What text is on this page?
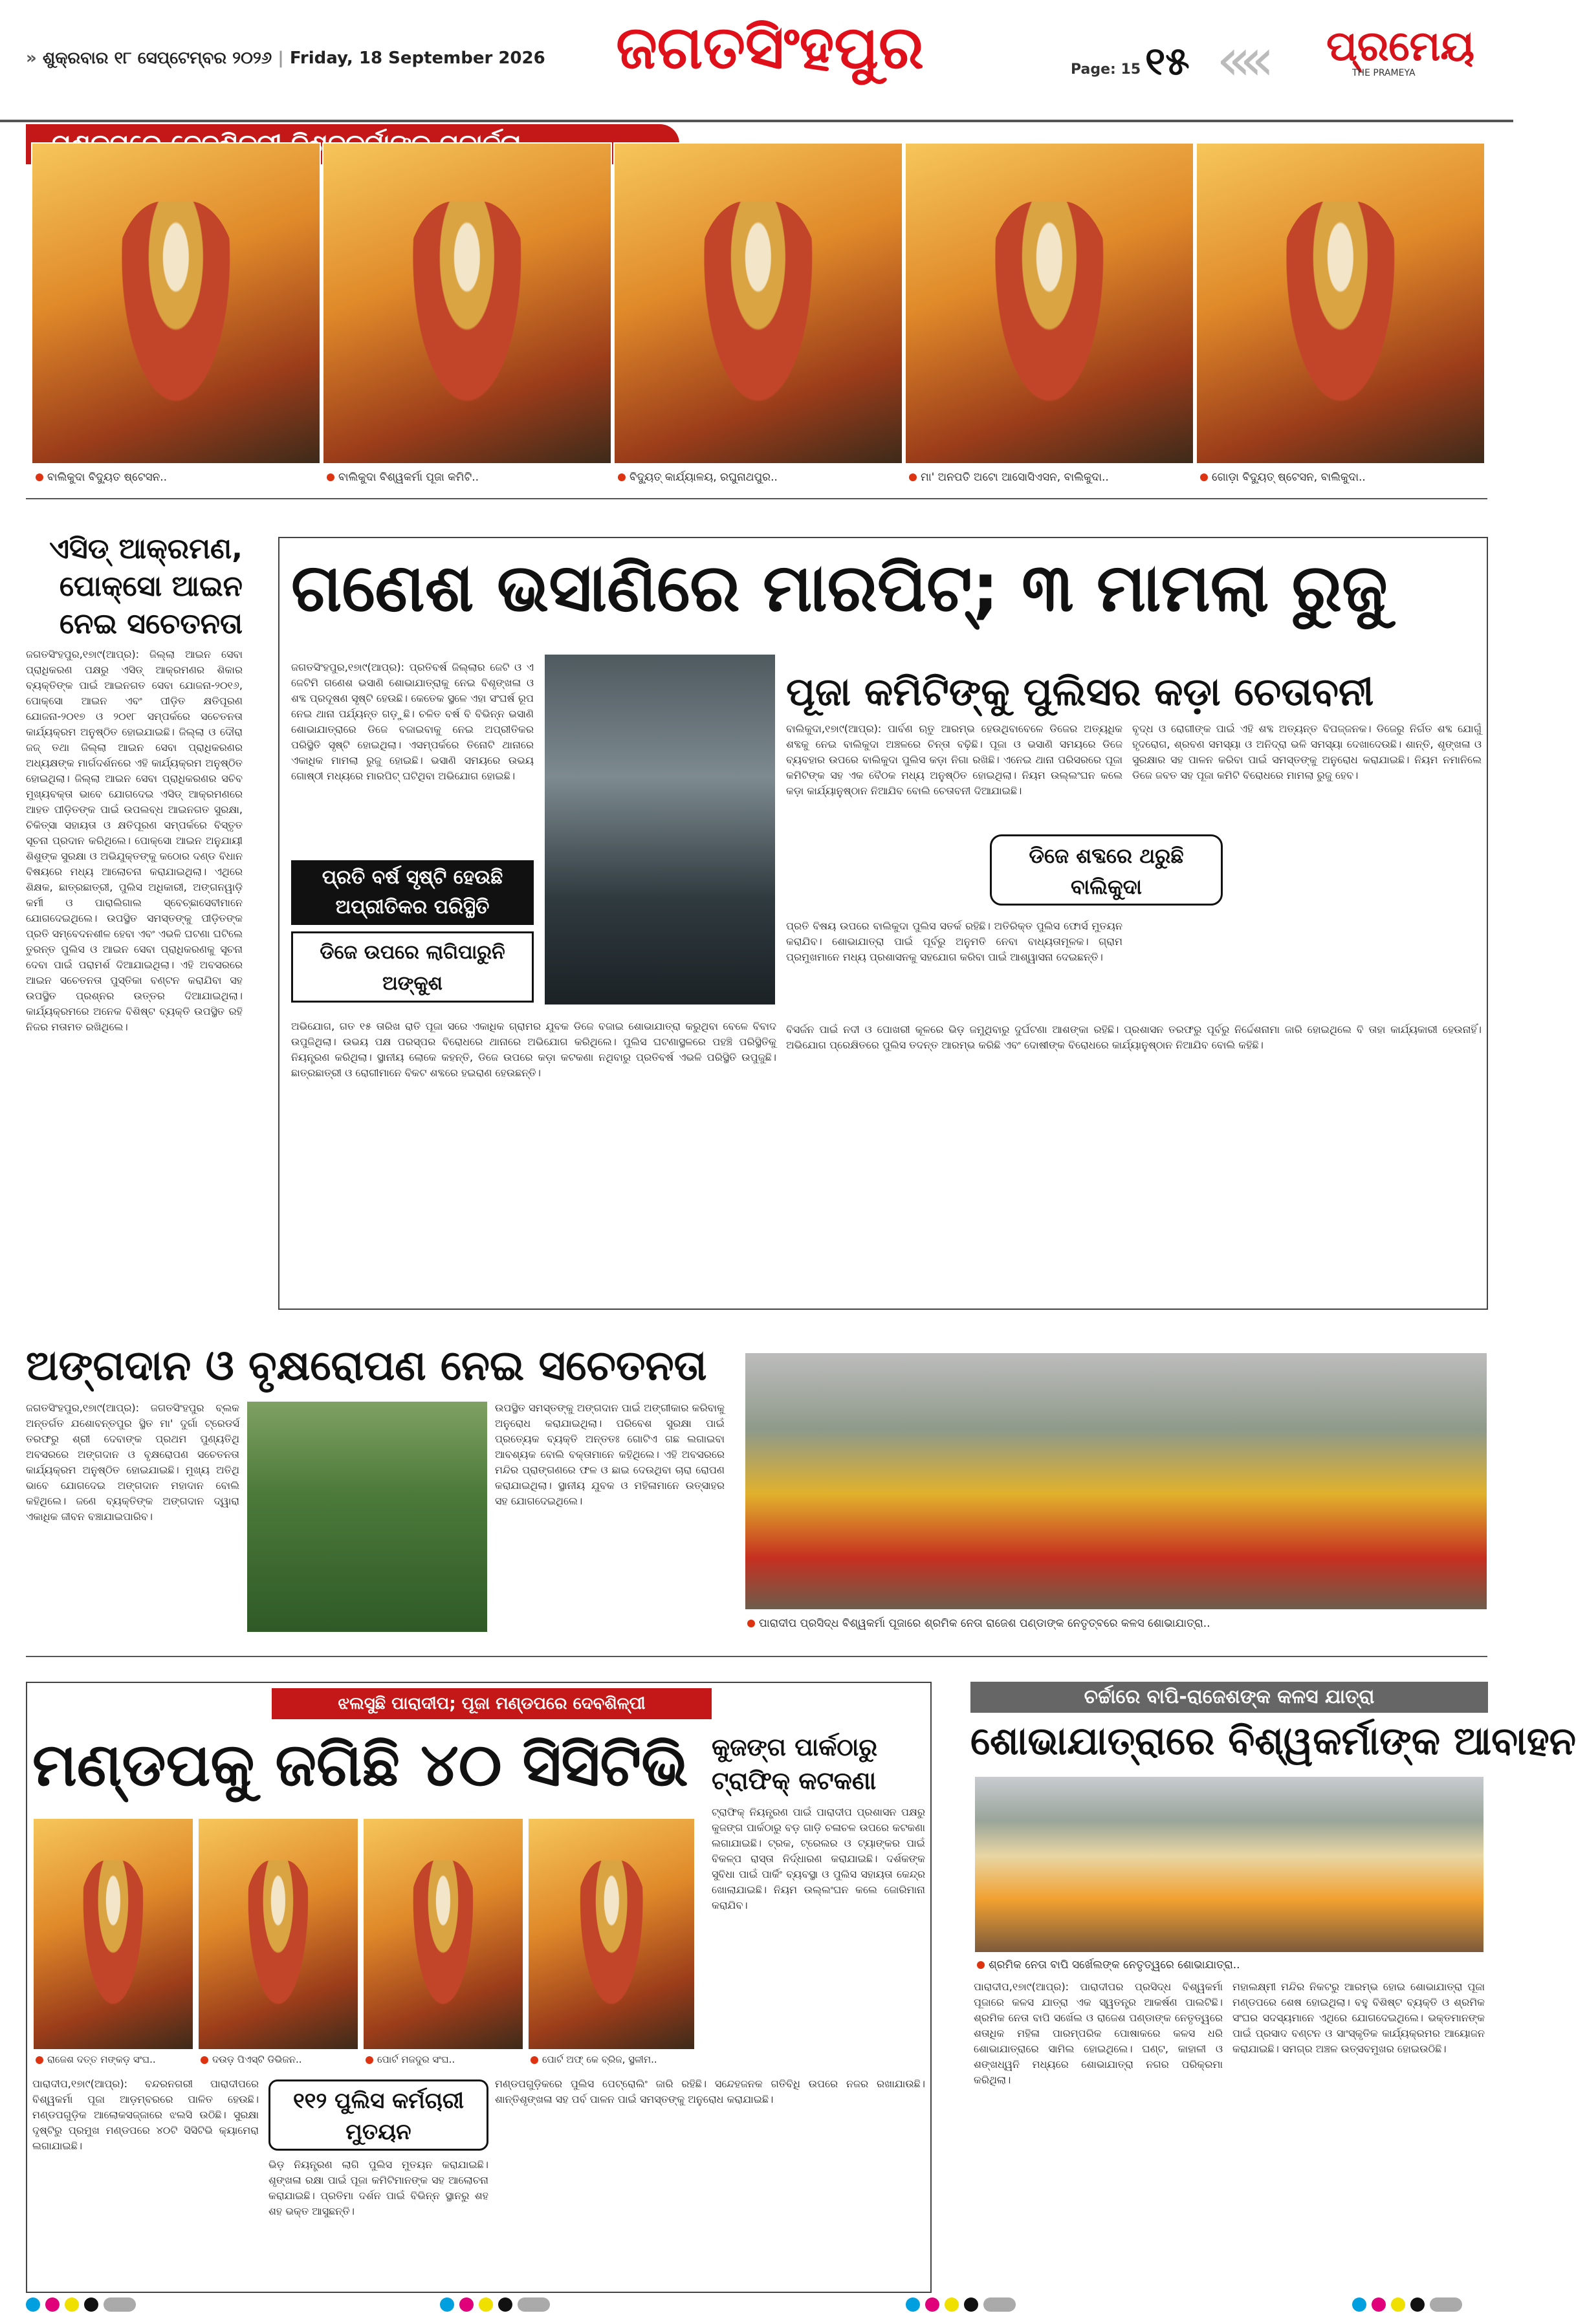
» ଶୁକ୍ରବାର ୧୮ ସେପ୍ଟେମ୍ବର ୨୦୨୬ | Friday, 18 September 2026	ଜଗତସିଂହପୁର	Page: 15 ୧୫ ‹‹‹‹ ପ୍ରମେୟ
THE PRAMEYA
ବାଲିକୁଦା ବିଦ୍ୟୁତ ଷ୍ଟେସନ..	ବାଲିକୁଦା ବିଶ୍ୱକର୍ମା ପୂଜା କମିଟି..	ବିଦ୍ୟୁତ୍ କାର୍ଯ୍ୟାଳୟ, ରଘୁନାଥପୁର..	ମା' ଅନପତି ଅଟୋ ଆସୋସିଏସନ, ବାଲିକୁଦା..	ଗୋଡ଼ା ବିଦ୍ୟୁତ୍ ଷ୍ଟେସନ, ବାଲିକୁଦା..
ଏସିଡ୍ ଆକ୍ରମଣ, ପୋକ୍ସୋ ଆଇନ ନେଇ ସଚେତନତା
ଜଗତସିଂହପୁର,୧୭ା୯(ଆପ୍ର): ଜିଲ୍ଲା ଆଇନ ସେବା ପ୍ରାଧିକରଣ ପକ୍ଷରୁ ଏସିଡ୍ ଆକ୍ରମଣର ଶିକାର ବ୍ୟକ୍ତିଙ୍କ ପାଇଁ ଆଇନଗତ ସେବା ଯୋଜନା-୨୦୧୬, ପୋକ୍ସୋ ଆଇନ ଏବଂ ପୀଡ଼ିତ କ୍ଷତିପୂରଣ ଯୋଜନା-୨୦୧୭ ଓ ୨୦୧୮ ସମ୍ପର୍କରେ ସଚେତନତା କାର୍ଯ୍ୟକ୍ରମ ଅନୁଷ୍ଠିତ ହୋଇଯାଇଛି। ଜିଲ୍ଲା ଓ ଦୌରା ଜଜ୍ ତଥା ଜିଲ୍ଲା ଆଇନ ସେବା ପ୍ରାଧିକରଣର ଅଧ୍ୟକ୍ଷଙ୍କ ମାର୍ଗଦର୍ଶନରେ ଏହି କାର୍ଯ୍ୟକ୍ରମ ଅନୁଷ୍ଠିତ ହୋଇଥିଲା। ଜିଲ୍ଲା ଆଇନ ସେବା ପ୍ରାଧିକରଣର ସଚିବ ମୁଖ୍ୟବକ୍ତା ଭାବେ ଯୋଗଦେଇ ଏସିଡ୍ ଆକ୍ରମଣରେ ଆହତ ପୀଡ଼ିତଙ୍କ ପାଇଁ ଉପଲବ୍ଧ ଆଇନଗତ ସୁରକ୍ଷା, ଚିକିତ୍ସା ସହାୟତା ଓ କ୍ଷତିପୂରଣ ସମ୍ପର୍କରେ ବିସ୍ତୃତ ସୂଚନା ପ୍ରଦାନ କରିଥିଲେ। ପୋକ୍ସୋ ଆଇନ ଅନୁଯାୟୀ ଶିଶୁଙ୍କ ସୁରକ୍ଷା ଓ ଅଭିଯୁକ୍ତଙ୍କୁ କଠୋର ଦଣ୍ଡ ବିଧାନ ବିଷୟରେ ମଧ୍ୟ ଆଲୋଚନା କରାଯାଇଥିଲା। ଏଥିରେ ଶିକ୍ଷକ, ଛାତ୍ରଛାତ୍ରୀ, ପୁଲିସ ଅଧିକାରୀ, ଅଙ୍ଗନୱାଡ଼ି କର୍ମୀ ଓ ପାରାଲିଗାଲ ସ୍ବେଚ୍ଛାସେବୀମାନେ ଯୋଗଦେଇଥିଲେ। ଉପସ୍ଥିତ ସମସ୍ତଙ୍କୁ ପୀଡ଼ିତଙ୍କ ପ୍ରତି ସମ୍ବେଦନଶୀଳ ହେବା ଏବଂ ଏଭଳି ଘଟଣା ଘଟିଲେ ତୁରନ୍ତ ପୁଲିସ ଓ ଆଇନ ସେବା ପ୍ରାଧିକରଣକୁ ସୂଚନା ଦେବା ପାଇଁ ପରାମର୍ଶ ଦିଆଯାଇଥିଲା। ଏହି ଅବସରରେ ଆଇନ ସଚେତନତା ପୁସ୍ତିକା ବଣ୍ଟନ କରାଯିବା ସହ ଉପସ୍ଥିତ ପ୍ରଶ୍ନର ଉତ୍ତର ଦିଆଯାଇଥିଲା। କାର୍ଯ୍ୟକ୍ରମରେ ଅନେକ ବିଶିଷ୍ଟ ବ୍ୟକ୍ତି ଉପସ୍ଥିତ ରହି ନିଜର ମତାମତ ରଖିଥିଲେ।
ଗଣେଶ ଭସାଣିରେ ମାରପିଟ୍; ୩ ମାମଲା ରୁଜୁ
ଜଗତସିଂହପୁର,୧୭ା୯(ଆପ୍ର): ପ୍ରତିବର୍ଷ ଜିଲ୍ଲାର ଜେଟି ଓ ଏ ଜେଟିମି ଗଣେଶ ଭସାଣି ଶୋଭାଯାତ୍ରାକୁ ନେଇ ବିଶୃଙ୍ଖଳା ଓ ଶବ୍ଦ ପ୍ରଦୂଷଣ ସୃଷ୍ଟି ହେଉଛି। କେତେକ ସ୍ଥଳେ ଏହା ସଂଘର୍ଷ ରୂପ ନେଇ ଥାନା ପର୍ଯ୍ୟନ୍ତ ଗଡ଼ୁଛି। ଚଳିତ ବର୍ଷ ବି ବିଭିନ୍ନ ଭସାଣି ଶୋଭାଯାତ୍ରାରେ ଡିଜେ ବଜାଇବାକୁ ନେଇ ଅପ୍ରୀତିକର ପରିସ୍ଥିତି ସୃଷ୍ଟି ହୋଇଥିଲା। ଏସମ୍ପର୍କରେ ତିନୋଟି ଥାନାରେ ଏକାଧିକ ମାମଲା ରୁଜୁ ହୋଇଛି। ଭସାଣି ସମୟରେ ଉଭୟ ଗୋଷ୍ଠୀ ମଧ୍ୟରେ ମାରପିଟ୍ ଘଟିଥିବା ଅଭିଯୋଗ ହୋଇଛି।
ପ୍ରତି ବର୍ଷ ସୃଷ୍ଟି ହେଉଛି ଅପ୍ରୀତିକର ପରିସ୍ଥିତି
ଡିଜେ ଉପରେ ଲାଗିପାରୁନି ଅଙ୍କୁଶ
ଅଭିଯୋଗ, ଗତ ୧୫ ତାରିଖ ରାତି ପୂଜା ସରେ ଏକାଧିକ ଗ୍ରାମର ଯୁବକ ଡିଜେ ବଜାଇ ଶୋଭାଯାତ୍ରା କରୁଥିବା ବେଳେ ବିବାଦ ଉପୁଜିଥିଲା। ଉଭୟ ପକ୍ଷ ପରସ୍ପର ବିରୋଧରେ ଥାନାରେ ଅଭିଯୋଗ କରିଥିଲେ। ପୁଲିସ ଘଟଣାସ୍ଥଳରେ ପହଞ୍ଚି ପରିସ୍ଥିତିକୁ ନିୟନ୍ତ୍ରଣ କରିଥିଲା। ସ୍ଥାନୀୟ ଲୋକେ କହନ୍ତି, ଡିଜେ ଉପରେ କଡ଼ା କଟକଣା ନଥିବାରୁ ପ୍ରତିବର୍ଷ ଏଭଳି ପରିସ୍ଥିତି ଉପୁଜୁଛି। ଛାତ୍ରଛାତ୍ରୀ ଓ ରୋଗୀମାନେ ବିକଟ ଶବ୍ଦରେ ହଇରାଣ ହେଉଛନ୍ତି।
ପୂଜା କମିଟିଙ୍କୁ ପୁଲିସର କଡ଼ା ଚେତାବନୀ
ବାଲିକୁଦା,୧୭ା୯(ଆପ୍ର): ପାର୍ବଣ ଋତୁ ଆରମ୍ଭ ହେଉଥିବାବେଳେ ଡିଜେର ଅତ୍ୟଧିକ ଶବ୍ଦକୁ ନେଇ ବାଲିକୁଦା ଅଞ୍ଚଳରେ ଚିନ୍ତା ବଢ଼ିଛି। ପୂଜା ଓ ଭସାଣି ସମୟରେ ଡିଜେ ବ୍ୟବହାର ଉପରେ ବାଲିକୁଦା ପୁଲିସ କଡ଼ା ନିଗା ରଖିଛି। ଏନେଇ ଥାନା ପରିସରରେ ପୂଜା କମିଟିଙ୍କ ସହ ଏକ ବୈଠକ ମଧ୍ୟ ଅନୁଷ୍ଠିତ ହୋଇଥିଲା। ନିୟମ ଉଲ୍ଲଂଘନ କଲେ କଡ଼ା କାର୍ଯ୍ୟାନୁଷ୍ଠାନ ନିଆଯିବ ବୋଲି ଚେତାବନୀ ଦିଆଯାଇଛି।
ବୃଦ୍ଧ ଓ ରୋଗୀଙ୍କ ପାଇଁ ଏହି ଶବ୍ଦ ଅତ୍ୟନ୍ତ ବିପଜ୍ଜନକ। ଡିଜେରୁ ନିର୍ଗତ ଶବ୍ଦ ଯୋଗୁଁ ହୃଦରୋଗ, ଶ୍ରବଣ ସମସ୍ୟା ଓ ଅନିଦ୍ରା ଭଳି ସମସ୍ୟା ଦେଖାଦେଉଛି। ଶାନ୍ତି, ଶୃଙ୍ଖଳା ଓ ସୁରକ୍ଷାର ସହ ପାଳନ କରିବା ପାଇଁ ସମସ୍ତଙ୍କୁ ଅନୁରୋଧ କରାଯାଇଛି। ନିୟମ ନମାନିଲେ ଡିଜେ ଜବତ ସହ ପୂଜା କମିଟି ବିରୋଧରେ ମାମଲା ରୁଜୁ ହେବ।
ଡିଜେ ଶବ୍ଦରେ ଥରୁଛି ବାଲିକୁଦା
ପ୍ରତି ବିଷୟ ଉପରେ ବାଲିକୁଦା ପୁଲିସ ସତର୍କ ରହିଛି। ଅତିରିକ୍ତ ପୁଲିସ ଫୋର୍ସ ମୁତୟନ କରାଯିବ। ଶୋଭାଯାତ୍ରା ପାଇଁ ପୂର୍ବରୁ ଅନୁମତି ନେବା ବାଧ୍ୟତାମୂଳକ। ଗ୍ରାମ ପ୍ରମୁଖମାନେ ମଧ୍ୟ ପ୍ରଶାସନକୁ ସହଯୋଗ କରିବା ପାଇଁ ଆଶ୍ୱାସନା ଦେଇଛନ୍ତି।
ବିସର୍ଜନ ପାଇଁ ନଦୀ ଓ ପୋଖରୀ କୂଳରେ ଭିଡ଼ ଜମୁଥିବାରୁ ଦୁର୍ଘଟଣା ଆଶଙ୍କା ରହିଛି। ପ୍ରଶାସନ ତରଫରୁ ପୂର୍ବରୁ ନିର୍ଦ୍ଦେଶନାମା ଜାରି ହୋଇଥିଲେ ବି ତାହା କାର୍ଯ୍ୟକାରୀ ହେଉନାହିଁ। ଅଭିଯୋଗ ପ୍ରେକ୍ଷିତରେ ପୁଲିସ ତଦନ୍ତ ଆରମ୍ଭ କରିଛି ଏବଂ ଦୋଷୀଙ୍କ ବିରୋଧରେ କାର୍ଯ୍ୟାନୁଷ୍ଠାନ ନିଆଯିବ ବୋଲି କହିଛି।
ଅଙ୍ଗଦାନ ଓ ବୃକ୍ଷରୋପଣ ନେଇ ସଚେତନତା
ଜଗତସିଂହପୁର,୧୭ା୯(ଆପ୍ର): ଜଗତସିଂହପୁର ବ୍ଲକ ଅନ୍ତର୍ଗତ ଯଶୋବନ୍ତପୁର ସ୍ଥିତ ମା' ଦୁର୍ଗା ଟ୍ରେଡର୍ସ ତରଫରୁ ଶ୍ରୀ ଦେବାଙ୍କ ପ୍ରଥମ ପୁଣ୍ୟତିଥି ଅବସରରେ ଅଙ୍ଗଦାନ ଓ ବୃକ୍ଷରୋପଣ ସଚେତନତା କାର୍ଯ୍ୟକ୍ରମ ଅନୁଷ୍ଠିତ ହୋଇଯାଇଛି। ମୁଖ୍ୟ ଅତିଥି ଭାବେ ଯୋଗଦେଇ ଅଙ୍ଗଦାନ ମହାଦାନ ବୋଲି କହିଥିଲେ। ଜଣେ ବ୍ୟକ୍ତିଙ୍କ ଅଙ୍ଗଦାନ ଦ୍ୱାରା ଏକାଧିକ ଜୀବନ ବଞ୍ଚାଯାଇପାରିବ।
ଉପସ୍ଥିତ ସମସ୍ତଙ୍କୁ ଅଙ୍ଗଦାନ ପାଇଁ ଅଙ୍ଗୀକାର କରିବାକୁ ଅନୁରୋଧ କରାଯାଇଥିଲା। ପରିବେଶ ସୁରକ୍ଷା ପାଇଁ ପ୍ରତ୍ୟେକ ବ୍ୟକ୍ତି ଅନ୍ତତଃ ଗୋଟିଏ ଗଛ ଲଗାଇବା ଆବଶ୍ୟକ ବୋଲି ବକ୍ତାମାନେ କହିଥିଲେ। ଏହି ଅବସରରେ ମନ୍ଦିର ପ୍ରାଙ୍ଗଣରେ ଫଳ ଓ ଛାଇ ଦେଉଥିବା ଚାରା ରୋପଣ କରାଯାଇଥିଲା। ସ୍ଥାନୀୟ ଯୁବକ ଓ ମହିଳାମାନେ ଉତ୍ସାହର ସହ ଯୋଗଦେଇଥିଲେ।
ପାରାଦୀପ ପ୍ରସିଦ୍ଧ ବିଶ୍ୱକର୍ମା ପୂଜାରେ ଶ୍ରମିକ ନେତା ରାଜେଶ ପଣ୍ଡାଙ୍କ ନେତୃତ୍ବରେ କଳସ ଶୋଭାଯାତ୍ରା..
ଝଲସୁଛି ପାରାଦୀପ; ପୂଜା ମଣ୍ଡପରେ ଦେବଶିଳ୍ପୀ
ମଣ୍ଡପକୁ ଜଗିଛି ୪୦ ସିସିଟିଭି କୁଜଙ୍ଗ ପାର୍କଠାରୁ ଟ୍ରାଫିକ୍ କଟକଣା
ଟ୍ରାଫିକ୍ ନିୟନ୍ତ୍ରଣ ପାଇଁ ପାରାଦୀପ ପ୍ରଶାସନ ପକ୍ଷରୁ କୁଜଙ୍ଗ ପାର୍କଠାରୁ ବଡ଼ ଗାଡ଼ି ଚଳାଚଳ ଉପରେ କଟକଣା ଲଗାଯାଇଛି। ଟ୍ରକ, ଟ୍ରେଲର ଓ ଟ୍ୟାଙ୍କର ପାଇଁ ବିକଳ୍ପ ରାସ୍ତା ନିର୍ଦ୍ଧାରଣ କରାଯାଇଛି। ଦର୍ଶକଙ୍କ ସୁବିଧା ପାଇଁ ପାର୍କିଂ ବ୍ୟବସ୍ଥା ଓ ପୁଲିସ ସହାୟତା କେନ୍ଦ୍ର ଖୋଲାଯାଇଛି। ନିୟମ ଉଲ୍ଲଂଘନ କଲେ ଜୋରିମାନା କରାଯିବ।
ରାଜେଶ ଦତ୍ତ ମଙ୍କଡ଼ ସଂଘ..	ଦଉଡ଼ ପିଏସ୍ଟି ଡିଭିଜନ..	ପୋର୍ଟ ମଜଦୁର ସଂଘ..	ପୋର୍ଟ ଅଫ୍ କେ ବ୍ରିଜ, ସ୍ଥଳୀମ..
ପାରାଦୀପ,୧୭ା୯(ଆପ୍ର): ବନ୍ଦରନଗରୀ ପାରାଦୀପରେ ବିଶ୍ୱକର୍ମା ପୂଜା ଆଡ଼ମ୍ବରରେ ପାଳିତ ହେଉଛି। ମଣ୍ଡପଗୁଡ଼ିକ ଆଲୋକସଜ୍ଜାରେ ଝଲସି ଉଠିଛି। ସୁରକ୍ଷା ଦୃଷ୍ଟିରୁ ପ୍ରମୁଖ ମଣ୍ଡପରେ ୪୦ଟି ସିସିଟିଭି କ୍ୟାମେରା ଲଗାଯାଇଛି।
୧୧୨ ପୁଲିସ କର୍ମଚାରୀ ମୁତୟନ
ଭିଡ଼ ନିୟନ୍ତ୍ରଣ ଲାଗି ପୁଲିସ ମୁତୟନ କରାଯାଇଛି। ଶୃଙ୍ଖଳା ରକ୍ଷା ପାଇଁ ପୂଜା କମିଟିମାନଙ୍କ ସହ ଆଲୋଚନା କରାଯାଇଛି। ପ୍ରତିମା ଦର୍ଶନ ପାଇଁ ବିଭିନ୍ନ ସ୍ଥାନରୁ ଶହ ଶହ ଭକ୍ତ ଆସୁଛନ୍ତି।
ମଣ୍ଡପଗୁଡ଼ିକରେ ପୁଲିସ ପେଟ୍ରୋଲିଂ ଜାରି ରହିଛି। ସନ୍ଦେହଜନକ ଗତିବିଧି ଉପରେ ନଜର ରଖାଯାଉଛି। ଶାନ୍ତିଶୃଙ୍ଖଳା ସହ ପର୍ବ ପାଳନ ପାଇଁ ସମସ୍ତଙ୍କୁ ଅନୁରୋଧ କରାଯାଇଛି।
ଚର୍ଚ୍ଚାରେ ବାପି-ରାଜେଶଙ୍କ କଳସ ଯାତ୍ରା
ଶୋଭାଯାତ୍ରାରେ ବିଶ୍ୱକର୍ମାଙ୍କ ଆବାହନ
ଶ୍ରମିକ ନେତା ବାପି ସର୍ଖେଲଙ୍କ ନେତୃତ୍ୱରେ ଶୋଭାଯାତ୍ରା..
ପାରାଦୀପ,୧୭ା୯(ଆପ୍ର): ପାରାଦୀପର ପ୍ରସିଦ୍ଧ ବିଶ୍ୱକର୍ମା ପୂଜାରେ କଳସ ଯାତ୍ରା ଏକ ସ୍ୱତନ୍ତ୍ର ଆକର୍ଷଣ ପାଲଟିଛି। ଶ୍ରମିକ ନେତା ବାପି ସର୍ଖେଲ ଓ ରାଜେଶ ପଣ୍ଡାଙ୍କ ନେତୃତ୍ୱରେ ଶତାଧିକ ମହିଳା ପାରମ୍ପରିକ ପୋଷାକରେ କଳସ ଧରି ଶୋଭାଯାତ୍ରାରେ ସାମିଲ ହୋଇଥିଲେ। ଘଣ୍ଟ, କାହାଳୀ ଓ ଶଙ୍ଖଧ୍ୱନି ମଧ୍ୟରେ ଶୋଭାଯାତ୍ରା ନଗର ପରିକ୍ରମା କରିଥିଲା।
ମହାଲକ୍ଷ୍ମୀ ମନ୍ଦିର ନିକଟରୁ ଆରମ୍ଭ ହୋଇ ଶୋଭାଯାତ୍ରା ପୂଜା ମଣ୍ଡପରେ ଶେଷ ହୋଇଥିଲା। ବହୁ ବିଶିଷ୍ଟ ବ୍ୟକ୍ତି ଓ ଶ୍ରମିକ ସଂଘର ସଦସ୍ୟମାନେ ଏଥିରେ ଯୋଗଦେଇଥିଲେ। ଭକ୍ତମାନଙ୍କ ପାଇଁ ପ୍ରସାଦ ବଣ୍ଟନ ଓ ସାଂସ୍କୃତିକ କାର୍ଯ୍ୟକ୍ରମର ଆୟୋଜନ କରାଯାଇଛି। ସମଗ୍ର ଅଞ୍ଚଳ ଉତ୍ସବମୁଖର ହୋଇଉଠିଛି।
